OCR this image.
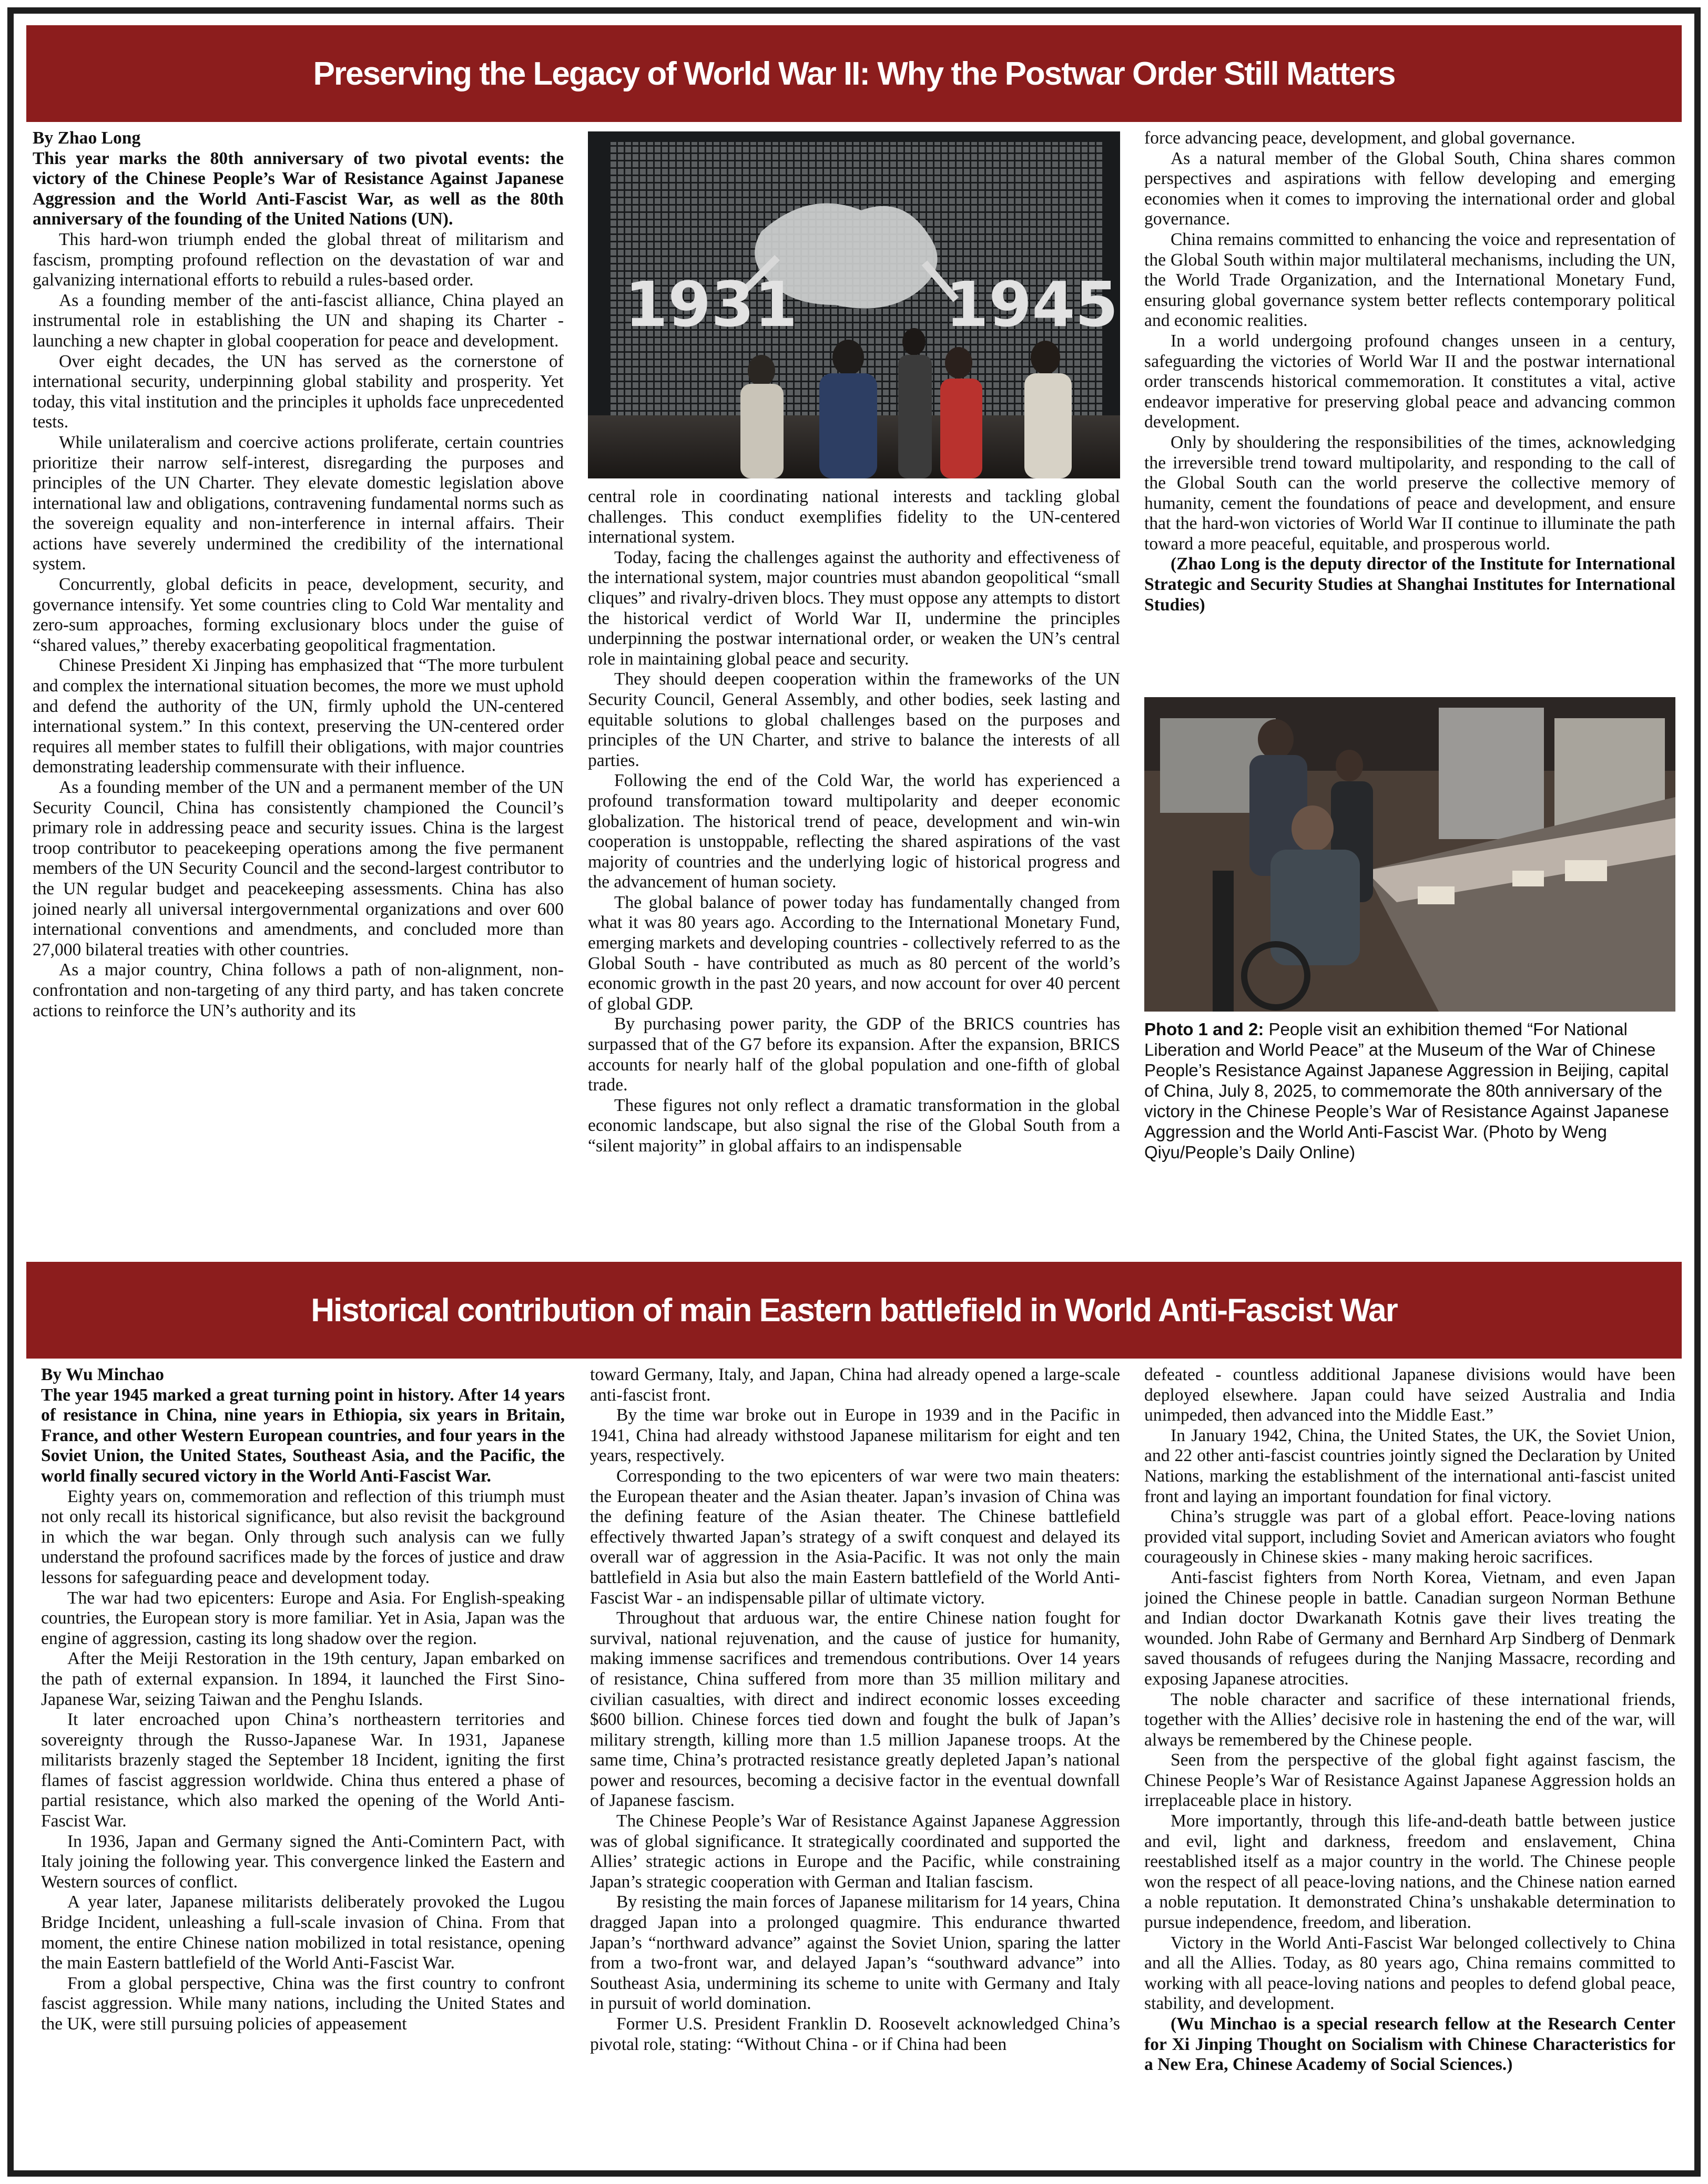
Preserving the Legacy of World War II: Why the Postwar Order Still Matters

By Zhao Long

This year marks the 80th anniversary of two pivotal events: the victory of the Chinese People’s War of Resistance Against Japanese Aggression and the World Anti-Fascist War, as well as the 80th anniversary of the founding of the United Nations (UN).

This hard-won triumph ended the global threat of militarism and fascism, prompting profound reflection on the devastation of war and galvanizing international efforts to rebuild a rules-based order.

As a founding member of the anti-fascist alliance, China played an instrumental role in establishing the UN and shaping its Charter - launching a new chapter in global cooperation for peace and development.

Over eight decades, the UN has served as the cornerstone of international security, underpinning global stability and prosperity. Yet today, this vital institution and the principles it upholds face unprecedented tests.

While unilateralism and coercive actions proliferate, certain countries prioritize their narrow self-interest, disregarding the purposes and principles of the UN Charter. They elevate domestic legislation above international law and obligations, contravening fundamental norms such as the sovereign equality and non-interference in internal affairs. Their actions have severely undermined the credibility of the international system.

Concurrently, global deficits in peace, development, security, and governance intensify. Yet some countries cling to Cold War mentality and zero-sum approaches, forming exclusionary blocs under the guise of “shared values,” thereby exacerbating geopolitical fragmentation.

Chinese President Xi Jinping has emphasized that “The more turbulent and complex the international situation becomes, the more we must uphold and defend the authority of the UN, firmly uphold the UN-centered international system.” In this context, preserving the UN-centered order requires all member states to fulfill their obligations, with major countries demonstrating leadership commensurate with their influence.

As a founding member of the UN and a permanent member of the UN Security Council, China has consistently championed the Council’s primary role in addressing peace and security issues. China is the largest troop contributor to peacekeeping operations among the five permanent members of the UN Security Council and the second-largest contributor to the UN regular budget and peacekeeping assessments. China has also joined nearly all universal intergovernmental organizations and over 600 international conventions and amendments, and concluded more than 27,000 bilateral treaties with other countries.

As a major country, China follows a path of non-alignment, non-confrontation and non-targeting of any third party, and has taken concrete actions to reinforce the UN’s authority and its

1931 1945

central role in coordinating national interests and tackling global challenges. This conduct exemplifies fidelity to the UN-centered international system.

Today, facing the challenges against the authority and effectiveness of the international system, major countries must abandon geopolitical “small cliques” and rivalry-driven blocs. They must oppose any attempts to distort the historical verdict of World War II, undermine the principles underpinning the postwar international order, or weaken the UN’s central role in maintaining global peace and security.

They should deepen cooperation within the frameworks of the UN Security Council, General Assembly, and other bodies, seek lasting and equitable solutions to global challenges based on the purposes and principles of the UN Charter, and strive to balance the interests of all parties.

Following the end of the Cold War, the world has experienced a profound transformation toward multipolarity and deeper economic globalization. The historical trend of peace, development and win-win cooperation is unstoppable, reflecting the shared aspirations of the vast majority of countries and the underlying logic of historical progress and the advancement of human society.

The global balance of power today has fundamentally changed from what it was 80 years ago. According to the International Monetary Fund, emerging markets and developing countries - collectively referred to as the Global South - have contributed as much as 80 percent of the world’s economic growth in the past 20 years, and now account for over 40 percent of global GDP.

By purchasing power parity, the GDP of the BRICS countries has surpassed that of the G7 before its expansion. After the expansion, BRICS accounts for nearly half of the global population and one-fifth of global trade.

These figures not only reflect a dramatic transformation in the global economic landscape, but also signal the rise of the Global South from a “silent majority” in global affairs to an indispensable

force advancing peace, development, and global governance.

As a natural member of the Global South, China shares common perspectives and aspirations with fellow developing and emerging economies when it comes to improving the international order and global governance.

China remains committed to enhancing the voice and representation of the Global South within major multilateral mechanisms, including the UN, the World Trade Organization, and the International Monetary Fund, ensuring global governance system better reflects contemporary political and economic realities.

In a world undergoing profound changes unseen in a century, safeguarding the victories of World War II and the postwar international order transcends historical commemoration. It constitutes a vital, active endeavor imperative for preserving global peace and advancing common development.

Only by shouldering the responsibilities of the times, acknowledging the irreversible trend toward multipolarity, and responding to the call of the Global South can the world preserve the collective memory of humanity, cement the foundations of peace and development, and ensure that the hard-won victories of World War II continue to illuminate the path toward a more peaceful, equitable, and prosperous world.

(Zhao Long is the deputy director of the Institute for International Strategic and Security Studies at Shanghai Institutes for International Studies)

Photo 1 and 2: People visit an exhibition themed “For National Liberation and World Peace” at the Museum of the War of Chinese People’s Resistance Against Japanese Aggression in Beijing, capital of China, July 8, 2025, to commemorate the 80th anniversary of the victory in the Chinese People’s War of Resistance Against Japanese Aggression and the World Anti-Fascist War. (Photo by Weng Qiyu/People’s Daily Online)
Historical contribution of main Eastern battlefield in World Anti-Fascist War

By Wu Minchao

The year 1945 marked a great turning point in history. After 14 years of resistance in China, nine years in Ethiopia, six years in Britain, France, and other Western European countries, and four years in the Soviet Union, the United States, Southeast Asia, and the Pacific, the world finally secured victory in the World Anti-Fascist War.

Eighty years on, commemoration and reflection of this triumph must not only recall its historical significance, but also revisit the background in which the war began. Only through such analysis can we fully understand the profound sacrifices made by the forces of justice and draw lessons for safeguarding peace and development today.

The war had two epicenters: Europe and Asia. For English-speaking countries, the European story is more familiar. Yet in Asia, Japan was the engine of aggression, casting its long shadow over the region.

After the Meiji Restoration in the 19th century, Japan embarked on the path of external expansion. In 1894, it launched the First Sino-Japanese War, seizing Taiwan and the Penghu Islands.

It later encroached upon China’s northeastern territories and sovereignty through the Russo-Japanese War. In 1931, Japanese militarists brazenly staged the September 18 Incident, igniting the first flames of fascist aggression worldwide. China thus entered a phase of partial resistance, which also marked the opening of the World Anti-Fascist War.

In 1936, Japan and Germany signed the Anti-Comintern Pact, with Italy joining the following year. This convergence linked the Eastern and Western sources of conflict.

A year later, Japanese militarists deliberately provoked the Lugou Bridge Incident, unleashing a full-scale invasion of China. From that moment, the entire Chinese nation mobilized in total resistance, opening the main Eastern battlefield of the World Anti-Fascist War.

From a global perspective, China was the first country to confront fascist aggression. While many nations, including the United States and the UK, were still pursuing policies of appeasement

toward Germany, Italy, and Japan, China had already opened a large-scale anti-fascist front.

By the time war broke out in Europe in 1939 and in the Pacific in 1941, China had already withstood Japanese militarism for eight and ten years, respectively.

Corresponding to the two epicenters of war were two main theaters: the European theater and the Asian theater. Japan’s invasion of China was the defining feature of the Asian theater. The Chinese battlefield effectively thwarted Japan’s strategy of a swift conquest and delayed its overall war of aggression in the Asia-Pacific. It was not only the main battlefield in Asia but also the main Eastern battlefield of the World Anti-Fascist War - an indispensable pillar of ultimate victory.

Throughout that arduous war, the entire Chinese nation fought for survival, national rejuvenation, and the cause of justice for humanity, making immense sacrifices and tremendous contributions. Over 14 years of resistance, China suffered from more than 35 million military and civilian casualties, with direct and indirect economic losses exceeding $600 billion. Chinese forces tied down and fought the bulk of Japan’s military strength, killing more than 1.5 million Japanese troops. At the same time, China’s protracted resistance greatly depleted Japan’s national power and resources, becoming a decisive factor in the eventual downfall of Japanese fascism.

The Chinese People’s War of Resistance Against Japanese Aggression was of global significance. It strategically coordinated and supported the Allies’ strategic actions in Europe and the Pacific, while constraining Japan’s strategic cooperation with German and Italian fascism.

By resisting the main forces of Japanese militarism for 14 years, China dragged Japan into a prolonged quagmire. This endurance thwarted Japan’s “northward advance” against the Soviet Union, sparing the latter from a two-front war, and delayed Japan’s “southward advance” into Southeast Asia, undermining its scheme to unite with Germany and Italy in pursuit of world domination.

Former U.S. President Franklin D. Roosevelt acknowledged China’s pivotal role, stating: “Without China - or if China had been

defeated - countless additional Japanese divisions would have been deployed elsewhere. Japan could have seized Australia and India unimpeded, then advanced into the Middle East.”

In January 1942, China, the United States, the UK, the Soviet Union, and 22 other anti-fascist countries jointly signed the Declaration by United Nations, marking the establishment of the international anti-fascist united front and laying an important foundation for final victory.

China’s struggle was part of a global effort. Peace-loving nations provided vital support, including Soviet and American aviators who fought courageously in Chinese skies - many making heroic sacrifices.

Anti-fascist fighters from North Korea, Vietnam, and even Japan joined the Chinese people in battle. Canadian surgeon Norman Bethune and Indian doctor Dwarkanath Kotnis gave their lives treating the wounded. John Rabe of Germany and Bernhard Arp Sindberg of Denmark saved thousands of refugees during the Nanjing Massacre, recording and exposing Japanese atrocities.

The noble character and sacrifice of these international friends, together with the Allies’ decisive role in hastening the end of the war, will always be remembered by the Chinese people.

Seen from the perspective of the global fight against fascism, the Chinese People’s War of Resistance Against Japanese Aggression holds an irreplaceable place in history.

More importantly, through this life-and-death battle between justice and evil, light and darkness, freedom and enslavement, China reestablished itself as a major country in the world. The Chinese people won the respect of all peace-loving nations, and the Chinese nation earned a noble reputation. It demonstrated China’s unshakable determination to pursue independence, freedom, and liberation.

Victory in the World Anti-Fascist War belonged collectively to China and all the Allies. Today, as 80 years ago, China remains committed to working with all peace-loving nations and peoples to defend global peace, stability, and development.

(Wu Minchao is a special research fellow at the Research Center for Xi Jinping Thought on Socialism with Chinese Characteristics for a New Era, Chinese Academy of Social Sciences.)
